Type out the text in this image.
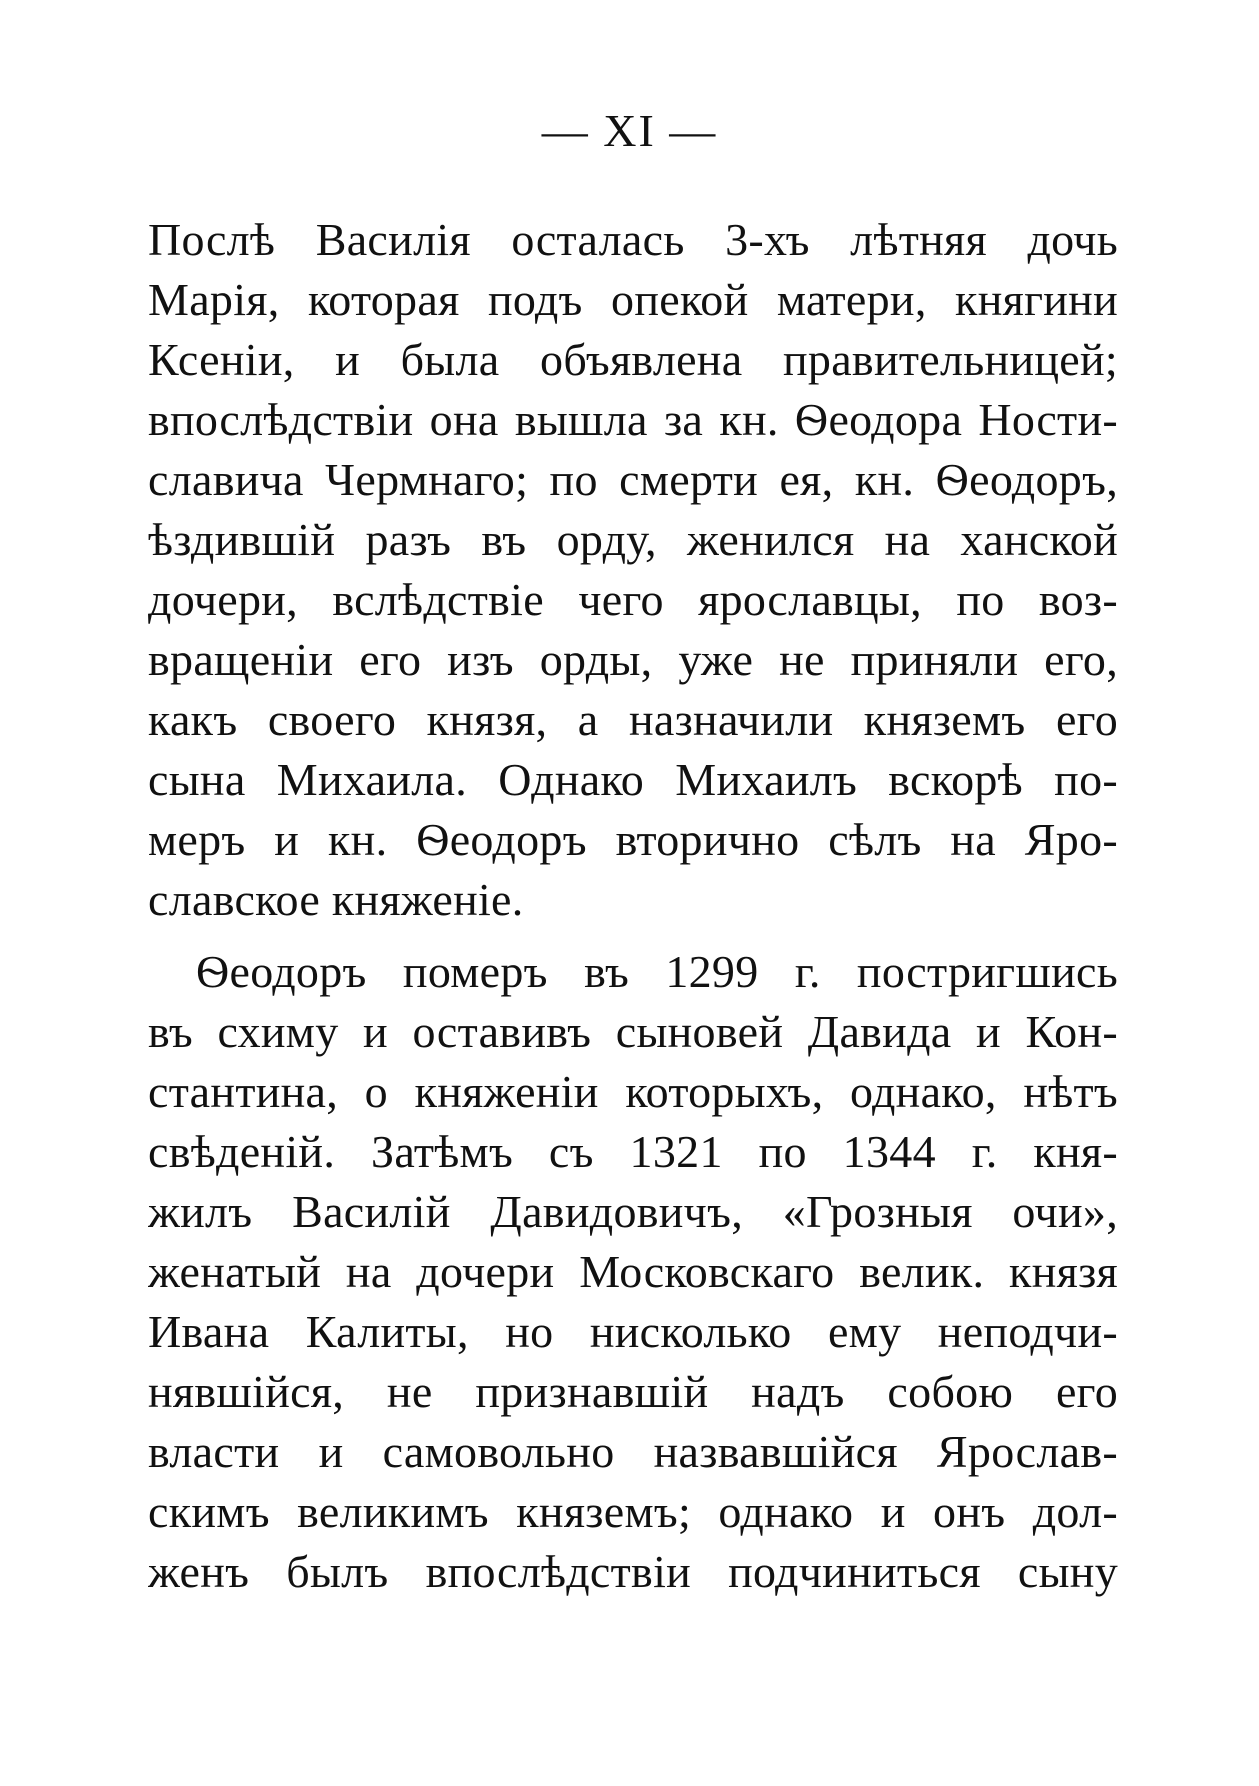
— XI —
Послѣ Василія осталась 3-хъ лѣтняя дочь
Марія, которая подъ опекой матери, княгини
Ксеніи, и была объявлена правительницей;
впослѣдствіи она вышла за кн. Ѳеодора Ности-
славича Чермнаго; по смерти ея, кн. Ѳеодоръ,
ѣздившій разъ въ орду, женился на ханской
дочери, вслѣдствіе чего ярославцы, по воз-
вращеніи его изъ орды, уже не приняли его,
какъ своего князя, а назначили княземъ его
сына Михаила. Однако Михаилъ вскорѣ по-
меръ и кн. Ѳеодоръ вторично сѣлъ на Яро-
славское княженіе.
Ѳеодоръ померъ въ 1299 г. постригшись
въ схиму и оставивъ сыновей Давида и Кон-
стантина, о княженіи которыхъ, однако, нѣтъ
свѣденій. Затѣмъ съ 1321 по 1344 г. кня-
жилъ Василій Давидовичъ, «Грозныя очи»,
женатый на дочери Московскаго велик. князя
Ивана Калиты, но нисколько ему неподчи-
нявшійся, не признавшій надъ собою его
власти и самовольно назвавшійся Ярослав-
скимъ великимъ княземъ; однако и онъ дол-
женъ былъ впослѣдствіи подчиниться сыну
